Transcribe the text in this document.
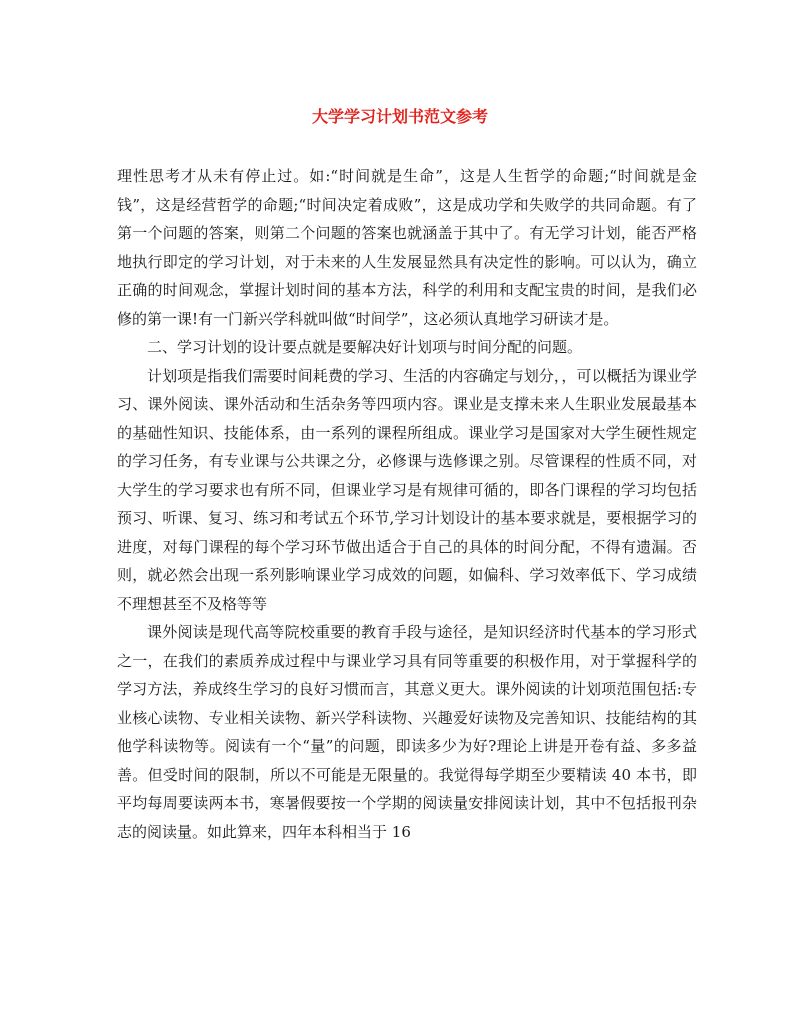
大学学习计划书范文参考

理性思考才从未有停止过。如:“时间就是生命”，这是人生哲学的命题;“时间就是金钱”，这是经营哲学的命题;“时间决定着成败”，这是成功学和失败学的共同命题。有了第一个问题的答案，则第二个问题的答案也就涵盖于其中了。有无学习计划，能否严格地执行即定的学习计划，对于未来的人生发展显然具有决定性的影响。可以认为，确立正确的时间观念，掌握计划时间的基本方法，科学的利用和支配宝贵的时间，是我们必修的第一课!有一门新兴学科就叫做“时间学”，这必须认真地学习研读才是。

二、学习计划的设计要点就是要解决好计划项与时间分配的问题。

计划项是指我们需要时间耗费的学习、生活的内容确定与划分，，可以概括为课业学习、课外阅读、课外活动和生活杂务等四项内容。课业是支撑未来人生职业发展最基本的基础性知识、技能体系，由一系列的课程所组成。课业学习是国家对大学生硬性规定的学习任务，有专业课与公共课之分，必修课与选修课之别。尽管课程的性质不同，对大学生的学习要求也有所不同，但课业学习是有规律可循的，即各门课程的学习均包括预习、听课、复习、练习和考试五个环节,学习计划设计的基本要求就是，要根据学习的进度，对每门课程的每个学习环节做出适合于自己的具体的时间分配，不得有遗漏。否则，就必然会出现一系列影响课业学习成效的问题，如偏科、学习效率低下、学习成绩不理想甚至不及格等等

课外阅读是现代高等院校重要的教育手段与途径，是知识经济时代基本的学习形式之一，在我们的素质养成过程中与课业学习具有同等重要的积极作用，对于掌握科学的学习方法，养成终生学习的良好习惯而言，其意义更大。课外阅读的计划项范围包括:专业核心读物、专业相关读物、新兴学科读物、兴趣爱好读物及完善知识、技能结构的其他学科读物等。阅读有一个“量”的问题，即读多少为好?理论上讲是开卷有益、多多益善。但受时间的限制，所以不可能是无限量的。我觉得每学期至少要精读 40 本书，即平均每周要读两本书，寒暑假要按一个学期的阅读量安排阅读计划，其中不包括报刊杂志的阅读量。如此算来，四年本科相当于 16
